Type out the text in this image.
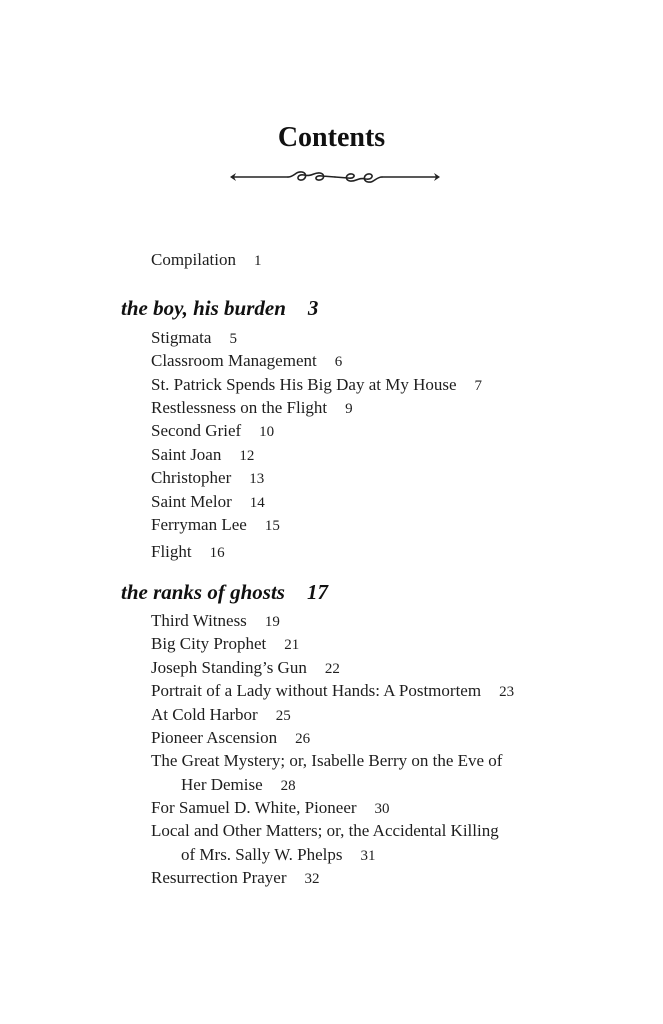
Contents
Compilation 1
the boy, his burden 3
Stigmata 5
Classroom Management 6
St. Patrick Spends His Big Day at My House 7
Restlessness on the Flight 9
Second Grief 10
Saint Joan 12
Christopher 13
Saint Melor 14
Ferryman Lee 15
Flight 16
the ranks of ghosts 17
Third Witness 19
Big City Prophet 21
Joseph Standing’s Gun 22
Portrait of a Lady without Hands: A Postmortem 23
At Cold Harbor 25
Pioneer Ascension 26
The Great Mystery; or, Isabelle Berry on the Eve of
Her Demise 28
For Samuel D. White, Pioneer 30
Local and Other Matters; or, the Accidental Killing
of Mrs. Sally W. Phelps 31
Resurrection Prayer 32
